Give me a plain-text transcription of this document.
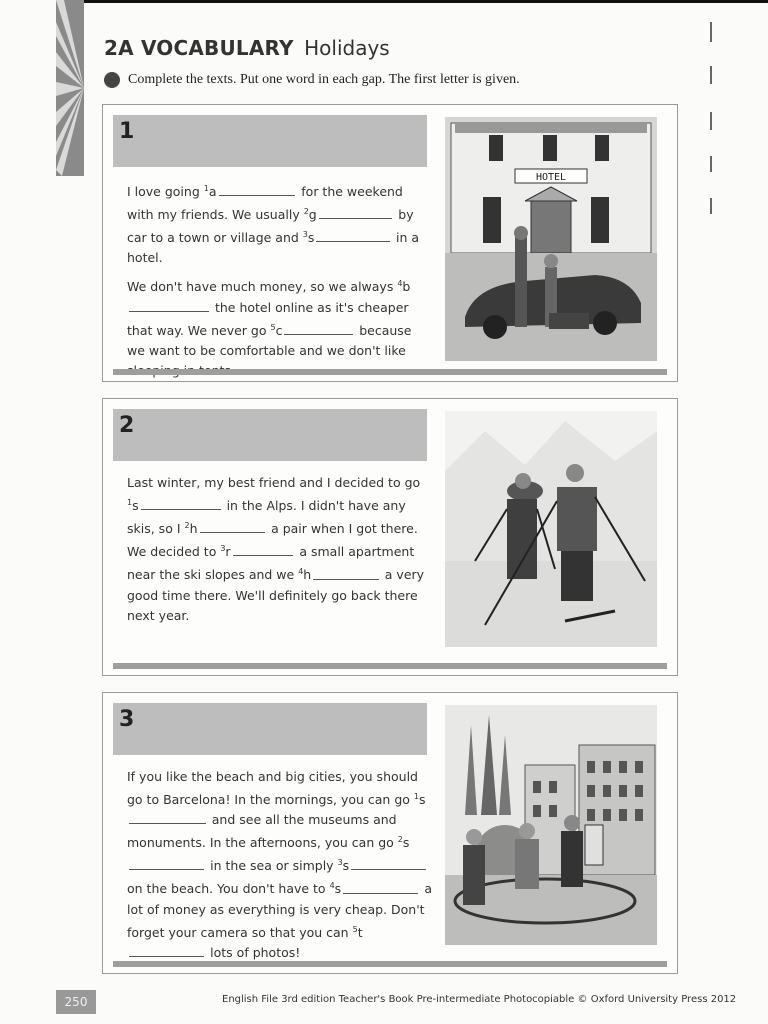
2A VOCABULARY Holidays
Complete the texts. Put one word in each gap. The first letter is given.
1
HOTEL

I love going $^1$a	for the weekend with my friends. We usually $^2$g	by car to a town or village and $^3$s	in a hotel.

We don't have much money, so we always $^4$b the hotel online as it's cheaper that way. We never go $^5$c	because we want to be comfortable and we don't like

2

Last winter, my best friend and I decided to go $^1$s	in the Alps. I didn't have any skis, so I $^2$h	a pair when I got there. We decided to $^3$r	a small apartment near the ski slopes and we $^4$h	a very good time there. We'll definitely go back there next year.

3

If you like the beach and big cities, you should go to Barcelona! In the mornings, you can go $^1$s and see all the museums and monuments. In the afternoons, you can go $^2$s in the sea or simply $^3$s on the beach. You don't have to $^4$s	a lot of money as everything is very cheap. Don't forget your camera so that you can $^5$t lots of photos!

250	English File 3rd edition Teacher's Book Pre-intermediate Photocopiable © Oxford University Press 2012
